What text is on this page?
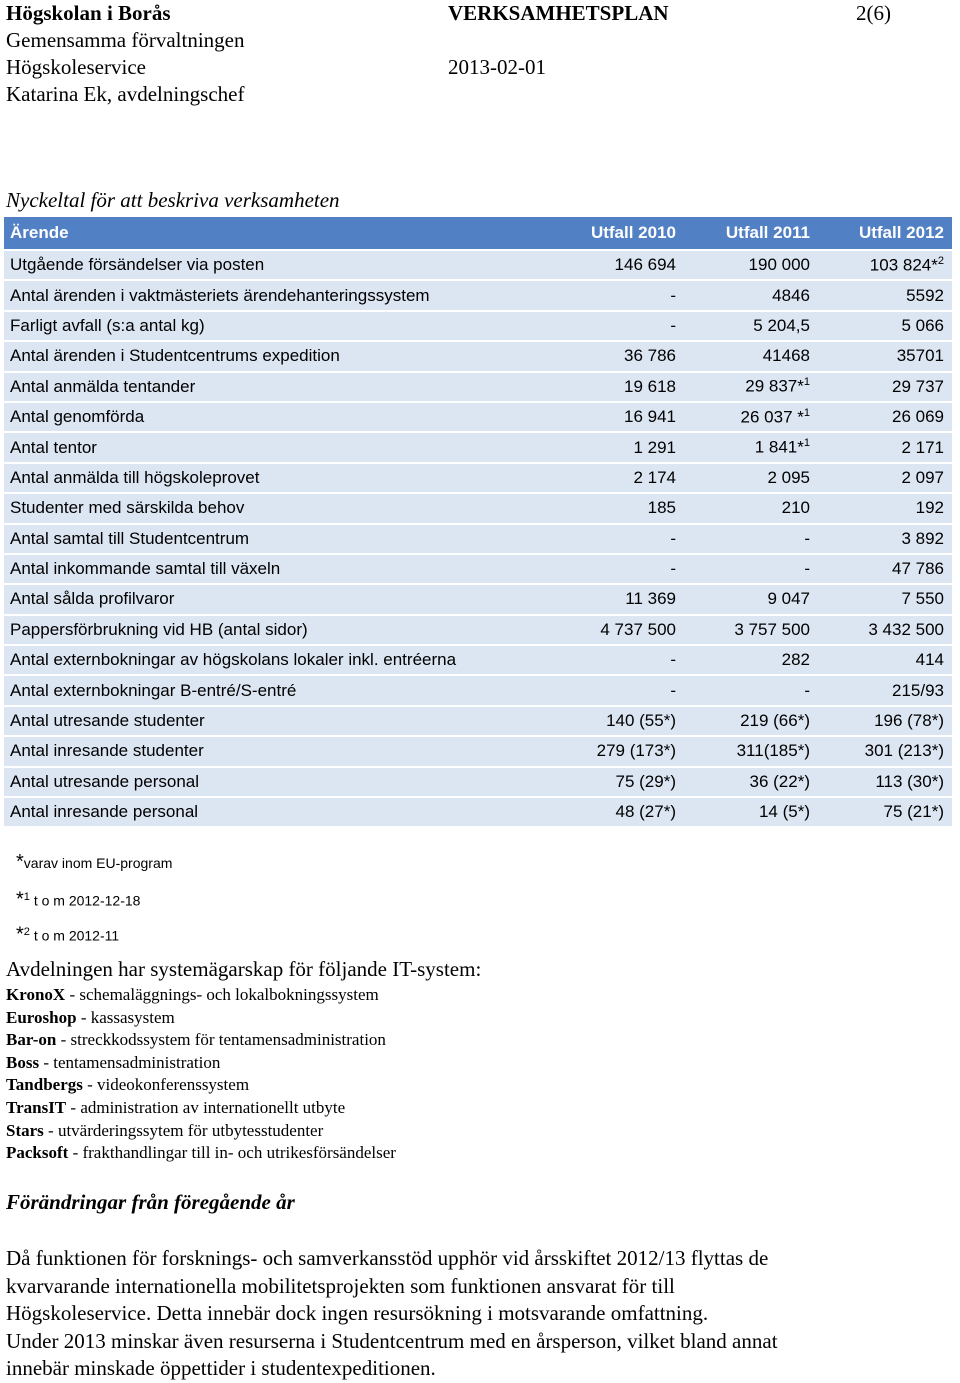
Högskolan i Borås	VERKSAMHETSPLAN	2(6)
Gemensamma förvaltningen
Högskoleservice	2013-02-01
Katarina Ek, avdelningschef
Nyckeltal för att beskriva verksamheten
Ärende	Utfall 2010	Utfall 2011	Utfall 2012
Utgående försändelser via posten	146 694	190 000	103 824*$^2$
Antal ärenden i vaktmästeriets ärendehanteringssystem	-	4846	5592
Farligt avfall (s:a antal kg)	-	5 204,5	5 066
Antal ärenden i Studentcentrums expedition	36 786	41468	35701
Antal anmälda tentander	19 618	29 837*$^1$	29 737
Antal genomförda	16 941	26 037 *$^1$	26 069
Antal tentor	1 291	1 841*$^1$	2 171
Antal anmälda till högskoleprovet	2 174	2 095	2 097
Studenter med särskilda behov	185	210	192
Antal samtal till Studentcentrum	-	-	3 892
Antal inkommande samtal till växeln	-	-	47 786
Antal sålda profilvaror	11 369	9 047	7 550
Pappersförbrukning vid HB (antal sidor)	4 737 500	3 757 500	3 432 500
Antal externbokningar av högskolans lokaler inkl. entréerna	-	282	414
Antal externbokningar B-entré/S-entré	-	-	215/93
Antal utresande studenter	140 (55*)	219 (66*)	196 (78*)
Antal inresande studenter	279 (173*)	311(185*)	301 (213*)
Antal utresande personal	75 (29*)	36 (22*)	113 (30*)
Antal inresande personal	48 (27*)	14 (5*)	75 (21*)
*varav inom EU-program
*$^1$ t o m 2012-12-18
*$^2$ t o m 2012-11
Avdelningen har systemägarskap för följande IT-system:
KronoX - schemaläggnings- och lokalbokningssystem
Euroshop - kassasystem
Bar-on - streckkodssystem för tentamensadministration
Boss - tentamensadministration
Tandbergs - videokonferenssystem
TransIT - administration av internationellt utbyte
Stars - utvärderingssytem för utbytesstudenter
Packsoft - frakthandlingar till in- och utrikesförsändelser
Förändringar från föregående år
Då funktionen för forsknings- och samverkansstöd upphör vid årsskiftet 2012/13 flyttas de
kvarvarande internationella mobilitetsprojekten som funktionen ansvarat för till
Högskoleservice. Detta innebär dock ingen resursökning i motsvarande omfattning.
Under 2013 minskar även resurserna i Studentcentrum med en årsperson, vilket bland annat
innebär minskade öppettider i studentexpeditionen.
